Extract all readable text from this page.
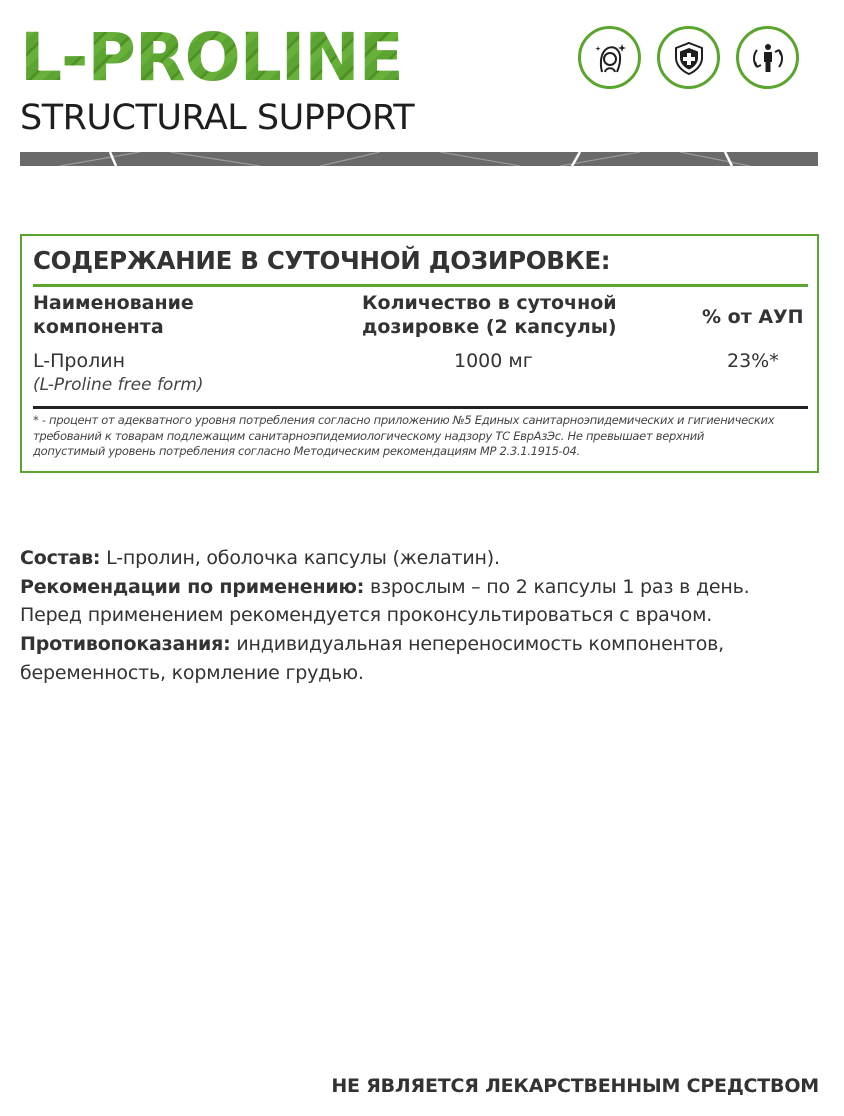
L-PROLINE
STRUCTURAL SUPPORT
СОДЕРЖАНИЕ В СУТОЧНОЙ ДОЗИРОВКЕ:
Наименование
компонента
Количество в суточной
дозировке (2 капсулы)	% от АУП
L-Пролин
(L-Proline free form)
1000 мг	23%*
* - процент от адекватного уровня потребления согласно приложению №5 Единых санитарноэпидемических и гигиенических
требований к товарам подлежащим санитарноэпидемиологическому надзору ТС ЕврАзЭс. Не превышает верхний
допустимый уровень потребления согласно Методическим рекомендациям МР 2.3.1.1915-04.
Состав: L-пролин, оболочка капсулы (желатин).
Рекомендации по применению: взрослым – по 2 капсулы 1 раз в день.
Перед применением рекомендуется проконсультироваться с врачом.
Противопоказания: индивидуальная непереносимость компонентов,
беременность, кормление грудью.
НЕ ЯВЛЯЕТСЯ ЛЕКАРСТВЕННЫМ СРЕДСТВОМ
